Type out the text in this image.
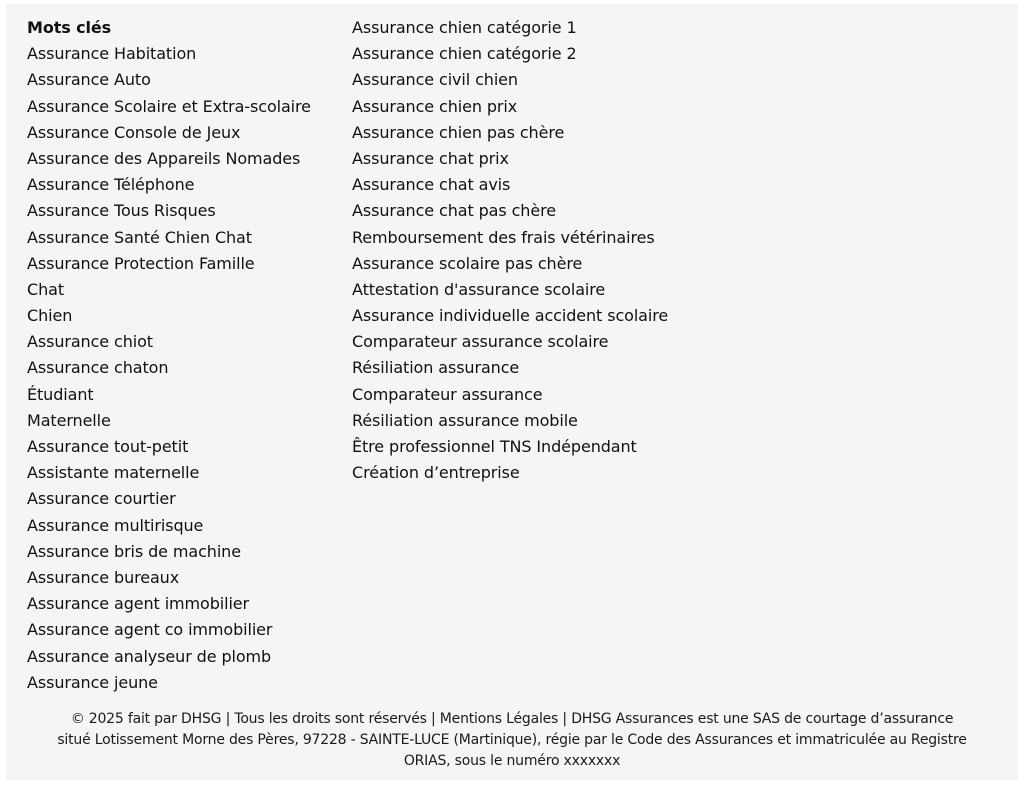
Mots clés
Assurance Habitation
Assurance Auto
Assurance Scolaire et Extra-scolaire
Assurance Console de Jeux
Assurance des Appareils Nomades
Assurance Téléphone
Assurance Tous Risques
Assurance Santé Chien Chat
Assurance Protection Famille
Chat
Chien
Assurance chiot
Assurance chaton
Étudiant
Maternelle
Assurance tout-petit
Assistante maternelle
Assurance courtier
Assurance multirisque
Assurance bris de machine
Assurance bureaux
Assurance agent immobilier
Assurance agent co immobilier
Assurance analyseur de plomb
Assurance jeune
Assurance chien catégorie 1
Assurance chien catégorie 2
Assurance civil chien
Assurance chien prix
Assurance chien pas chère
Assurance chat prix
Assurance chat avis
Assurance chat pas chère
Remboursement des frais vétérinaires
Assurance scolaire pas chère
Attestation d'assurance scolaire
Assurance individuelle accident scolaire
Comparateur assurance scolaire
Résiliation assurance
Comparateur assurance
Résiliation assurance mobile
Être professionnel TNS Indépendant
Création d’entreprise
© 2025 fait par DHSG | Tous les droits sont réservés | Mentions Légales | DHSG Assurances est une SAS de courtage d’assurance
situé Lotissement Morne des Pères, 97228 - SAINTE-LUCE (Martinique), régie par le Code des Assurances et immatriculée au Registre
ORIAS, sous le numéro xxxxxxx
